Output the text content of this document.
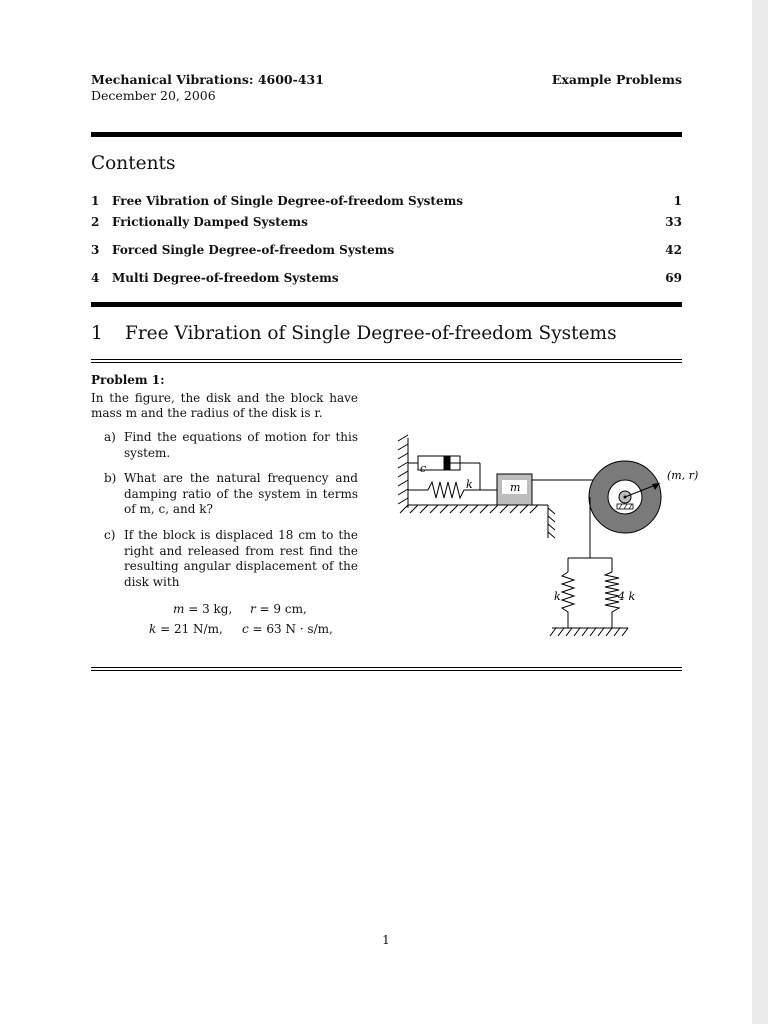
Mechanical Vibrations: 4600-431
December 20, 2006
Example Problems
Contents
1	Free Vibration of Single Degree-of-freedom Systems	1
2	Frictionally Damped Systems	33
3	Forced Single Degree-of-freedom Systems	42
4	Multi Degree-of-freedom Systems	69
1 Free Vibration of Single Degree-of-freedom Systems
Problem 1:
In the figure, the disk and the block have mass m and the radius of the disk is r.
a) Find the equations of motion for this system.
b) What are the natural frequency and damping ratio of the system in terms of m, c, and k?
c) If the block is displaced 18 cm to the right and released from rest find the resulting angular displacement of the disk with
m = 3 kg, r = 9 cm,
k = 21 N/m, c = 63 N · s/m,
c
k	m
(m, r)
k	4 k
1
